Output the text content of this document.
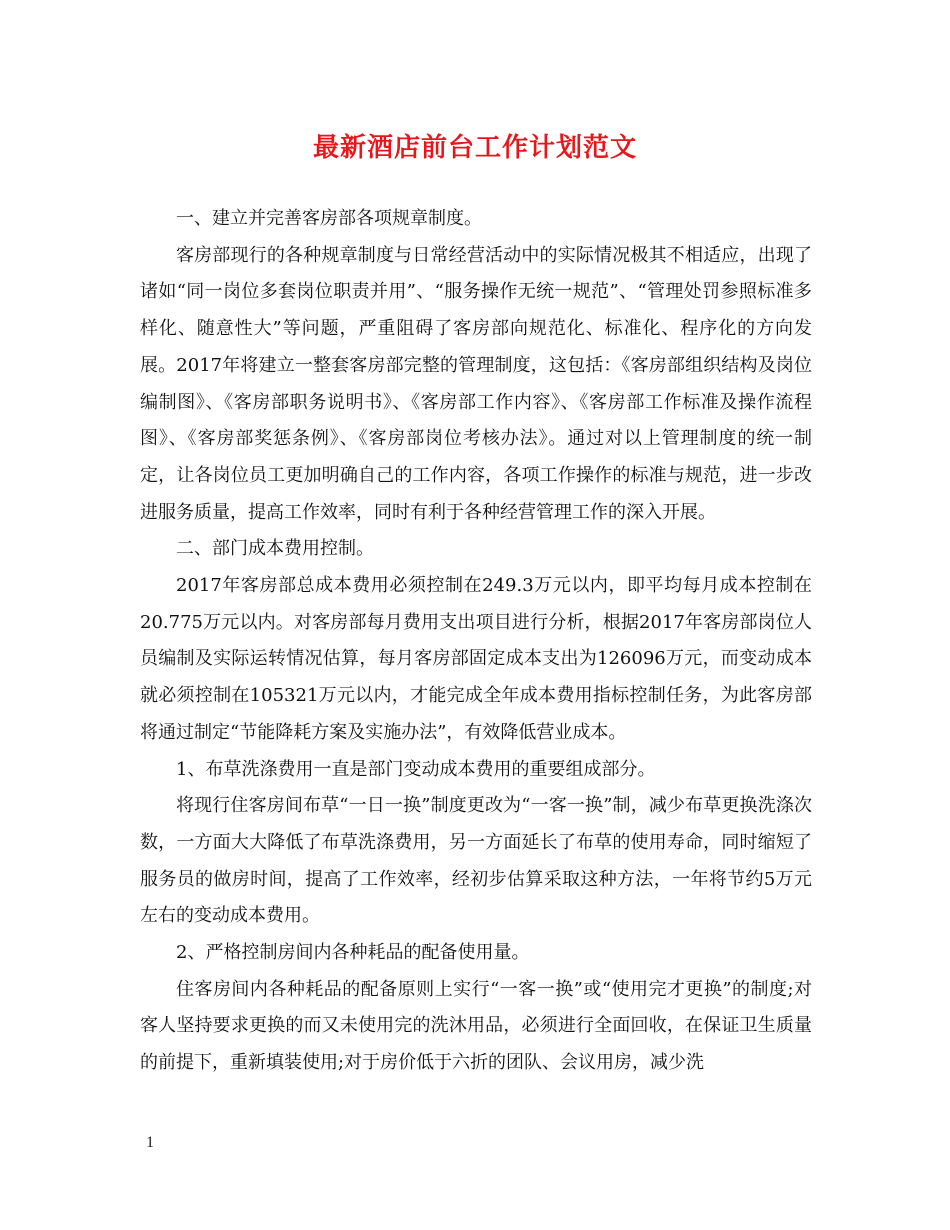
最新酒店前台工作计划范文

一、建立并完善客房部各项规章制度。

客房部现行的各种规章制度与日常经营活动中的实际情况极其不相适应，出现了诸如“同一岗位多套岗位职责并用”、“服务操作无统一规范”、“管理处罚参照标准多样化、随意性大”等问题，严重阻碍了客房部向规范化、标准化、程序化的方向发展。2017年将建立一整套客房部完整的管理制度，这包括：《客房部组织结构及岗位编制图》、《客房部职务说明书》、《客房部工作内容》、《客房部工作标准及操作流程图》、《客房部奖惩条例》、《客房部岗位考核办法》。通过对以上管理制度的统一制定，让各岗位员工更加明确自己的工作内容，各项工作操作的标准与规范，进一步改进服务质量，提高工作效率，同时有利于各种经营管理工作的深入开展。

二、部门成本费用控制。

2017年客房部总成本费用必须控制在249.3万元以内，即平均每月成本控制在20.775万元以内。对客房部每月费用支出项目进行分析，根据2017年客房部岗位人员编制及实际运转情况估算，每月客房部固定成本支出为126096万元，而变动成本就必须控制在105321万元以内，才能完成全年成本费用指标控制任务，为此客房部将通过制定“节能降耗方案及实施办法”，有效降低营业成本。

1、布草洗涤费用一直是部门变动成本费用的重要组成部分。

将现行住客房间布草“一日一换”制度更改为“一客一换”制，减少布草更换洗涤次数，一方面大大降低了布草洗涤费用，另一方面延长了布草的使用寿命，同时缩短了服务员的做房时间，提高了工作效率，经初步估算采取这种方法，一年将节约5万元左右的变动成本费用。

2、严格控制房间内各种耗品的配备使用量。

住客房间内各种耗品的配备原则上实行“一客一换”或“使用完才更换”的制度;对客人坚持要求更换的而又未使用完的洗沐用品，必须进行全面回收，在保证卫生质量的前提下，重新填装使用;对于房价低于六折的团队、会议用房，减少洗

1
